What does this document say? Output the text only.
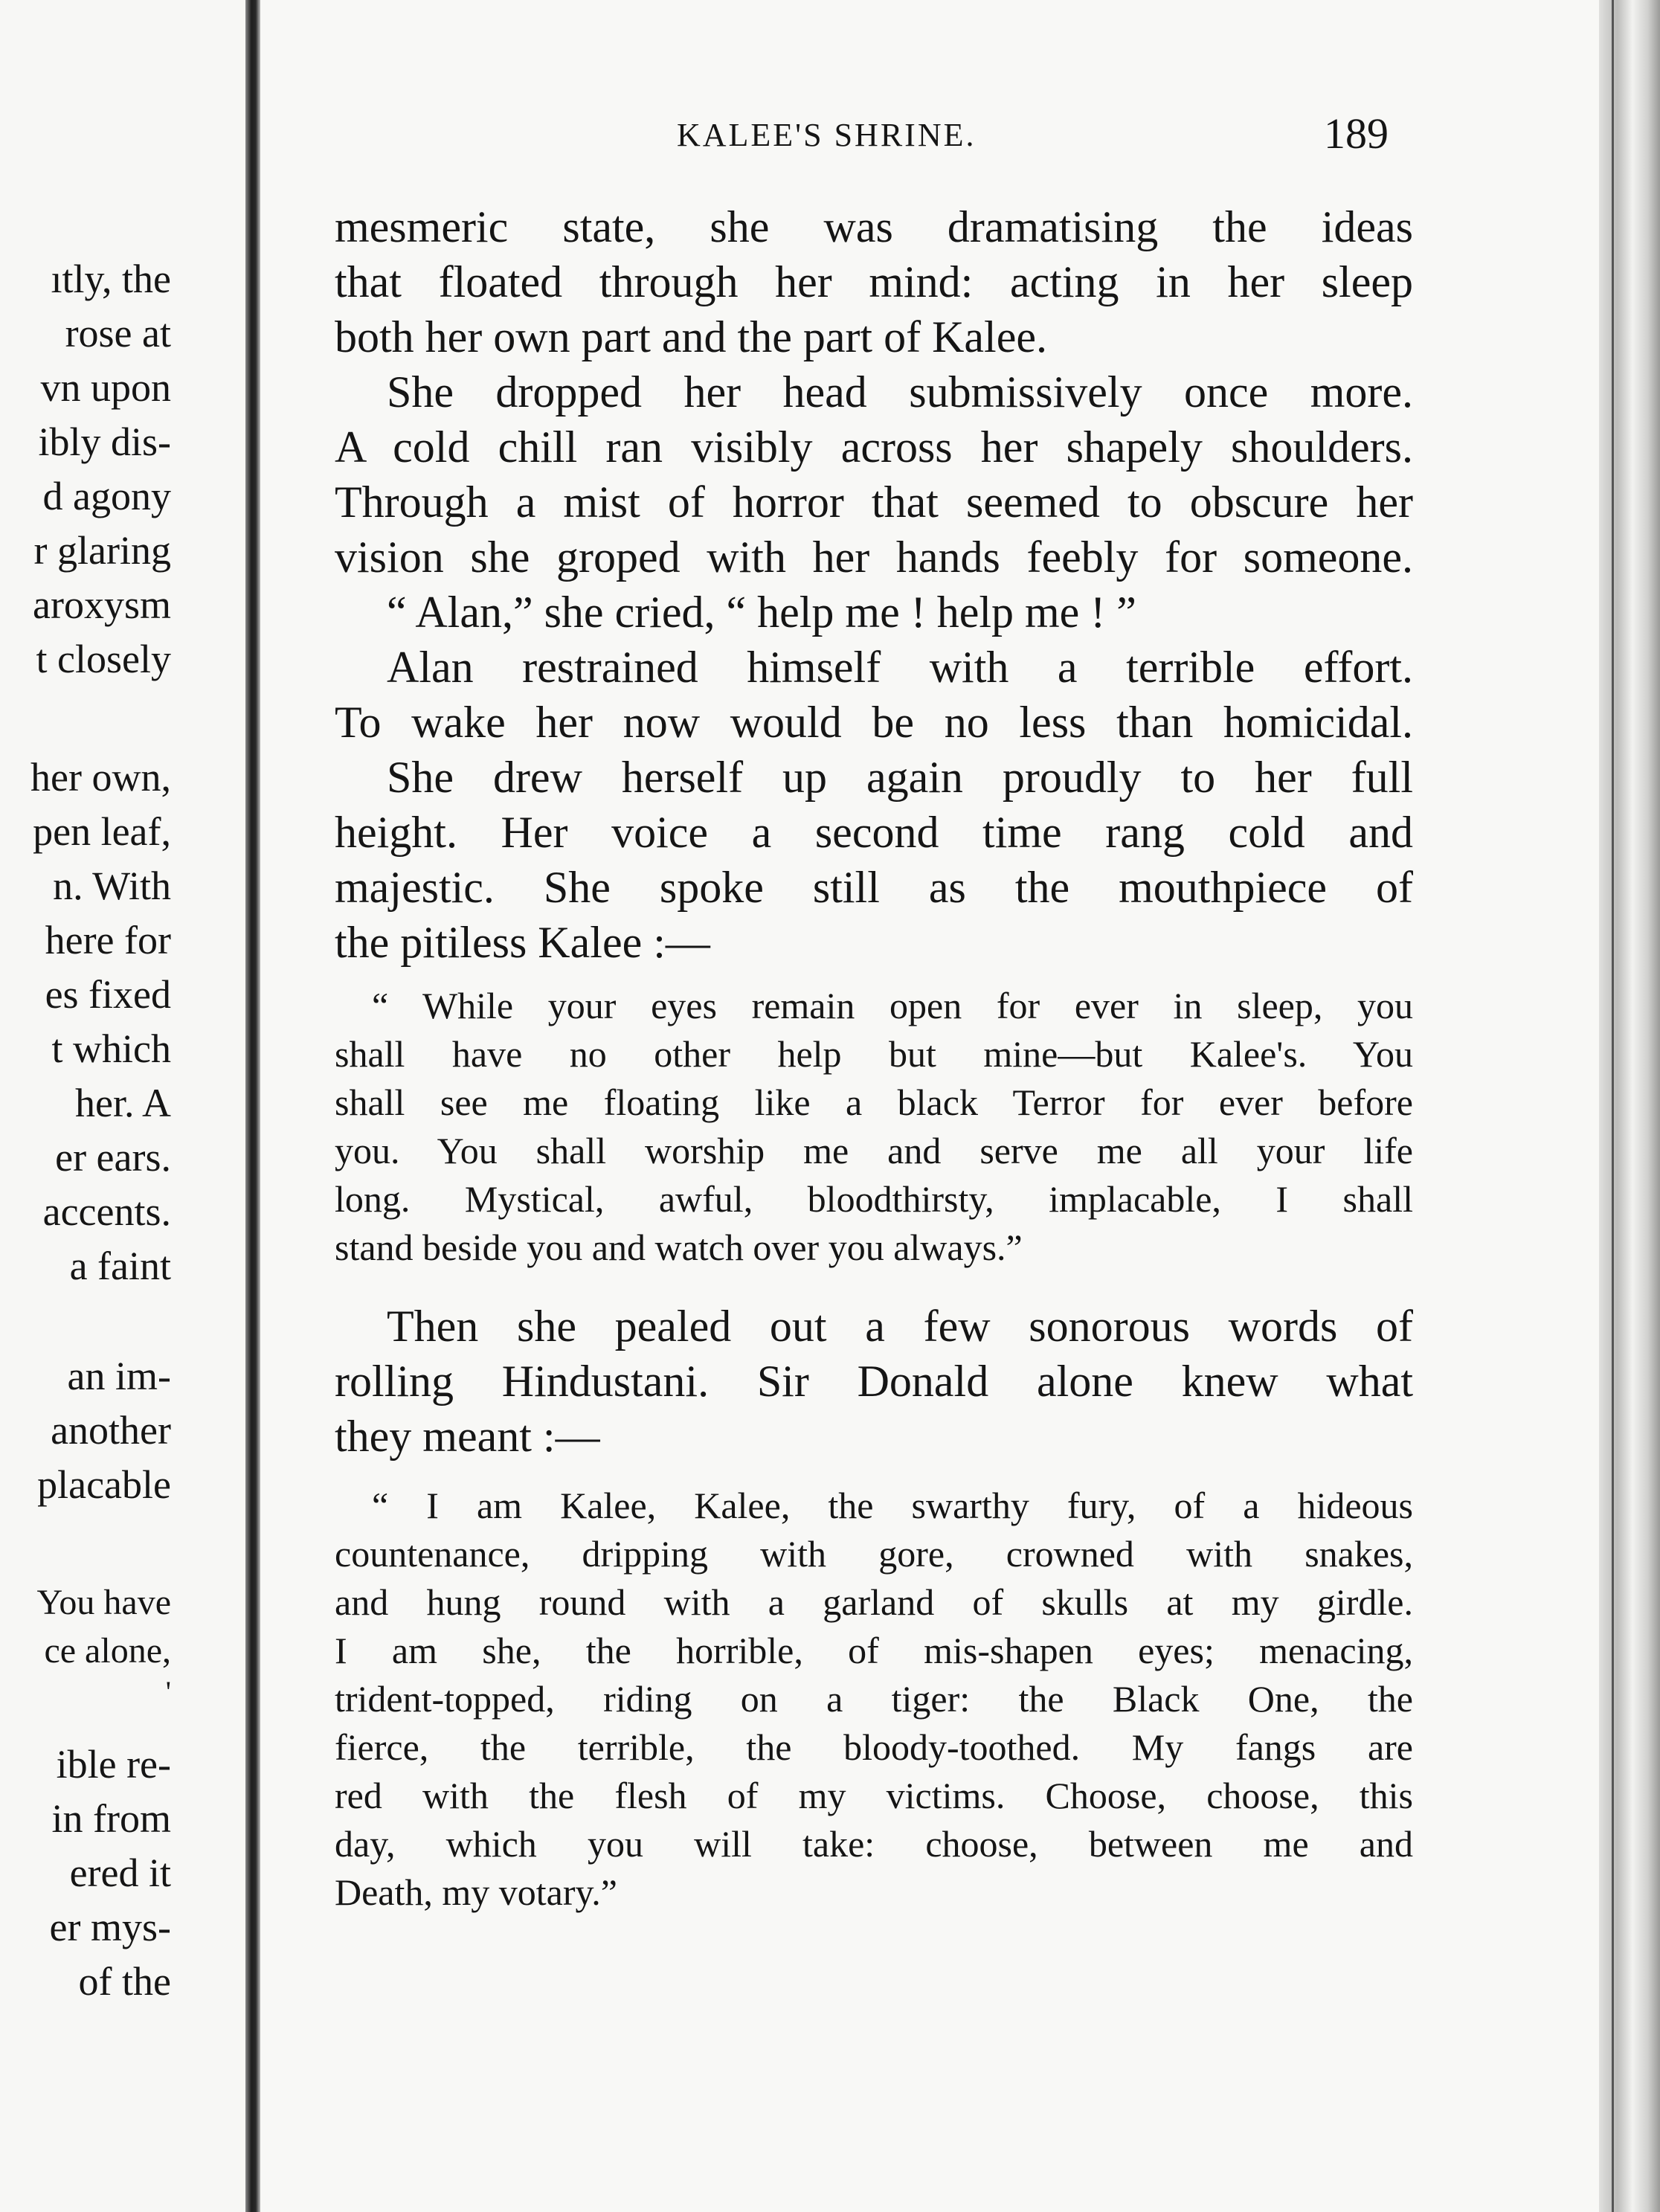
ıtly, the

rose at

vn upon

ibly dis-

d agony

r glaring

aroxysm

t closely

her own,

pen leaf,

n. With

here for

es fixed

t which

her. A

er ears.

accents.

a faint

an im-

another

placable

You have

ce alone,

'

ible re-

in from

ered it

er mys-

of the

KALEE'S SHRINE.	189

mesmeric state, she was dramatising the ideas

that floated through her mind: acting in her sleep

both her own part and the part of Kalee.

She dropped her head submissively once more.

A cold chill ran visibly across her shapely shoulders.

Through a mist of horror that seemed to obscure her

vision she groped with her hands feebly for someone.

“ Alan,” she cried, “ help me ! help me ! ”

Alan restrained himself with a terrible effort.

To wake her now would be no less than homicidal.

She drew herself up again proudly to her full

height. Her voice a second time rang cold and

majestic. She spoke still as the mouthpiece of

the pitiless Kalee :—

“ While your eyes remain open for ever in sleep, you

shall have no other help but mine—but Kalee's. You

shall see me floating like a black Terror for ever before

you. You shall worship me and serve me all your life

long. Mystical, awful, bloodthirsty, implacable, I shall

stand beside you and watch over you always.”

Then she pealed out a few sonorous words of

rolling Hindustani. Sir Donald alone knew what

they meant :—

“ I am Kalee, Kalee, the swarthy fury, of a hideous

countenance, dripping with gore, crowned with snakes,

and hung round with a garland of skulls at my girdle.

I am she, the horrible, of mis-shapen eyes; menacing,

trident-topped, riding on a tiger: the Black One, the

fierce, the terrible, the bloody-toothed. My fangs are

red with the flesh of my victims. Choose, choose, this

day, which you will take: choose, between me and

Death, my votary.”
